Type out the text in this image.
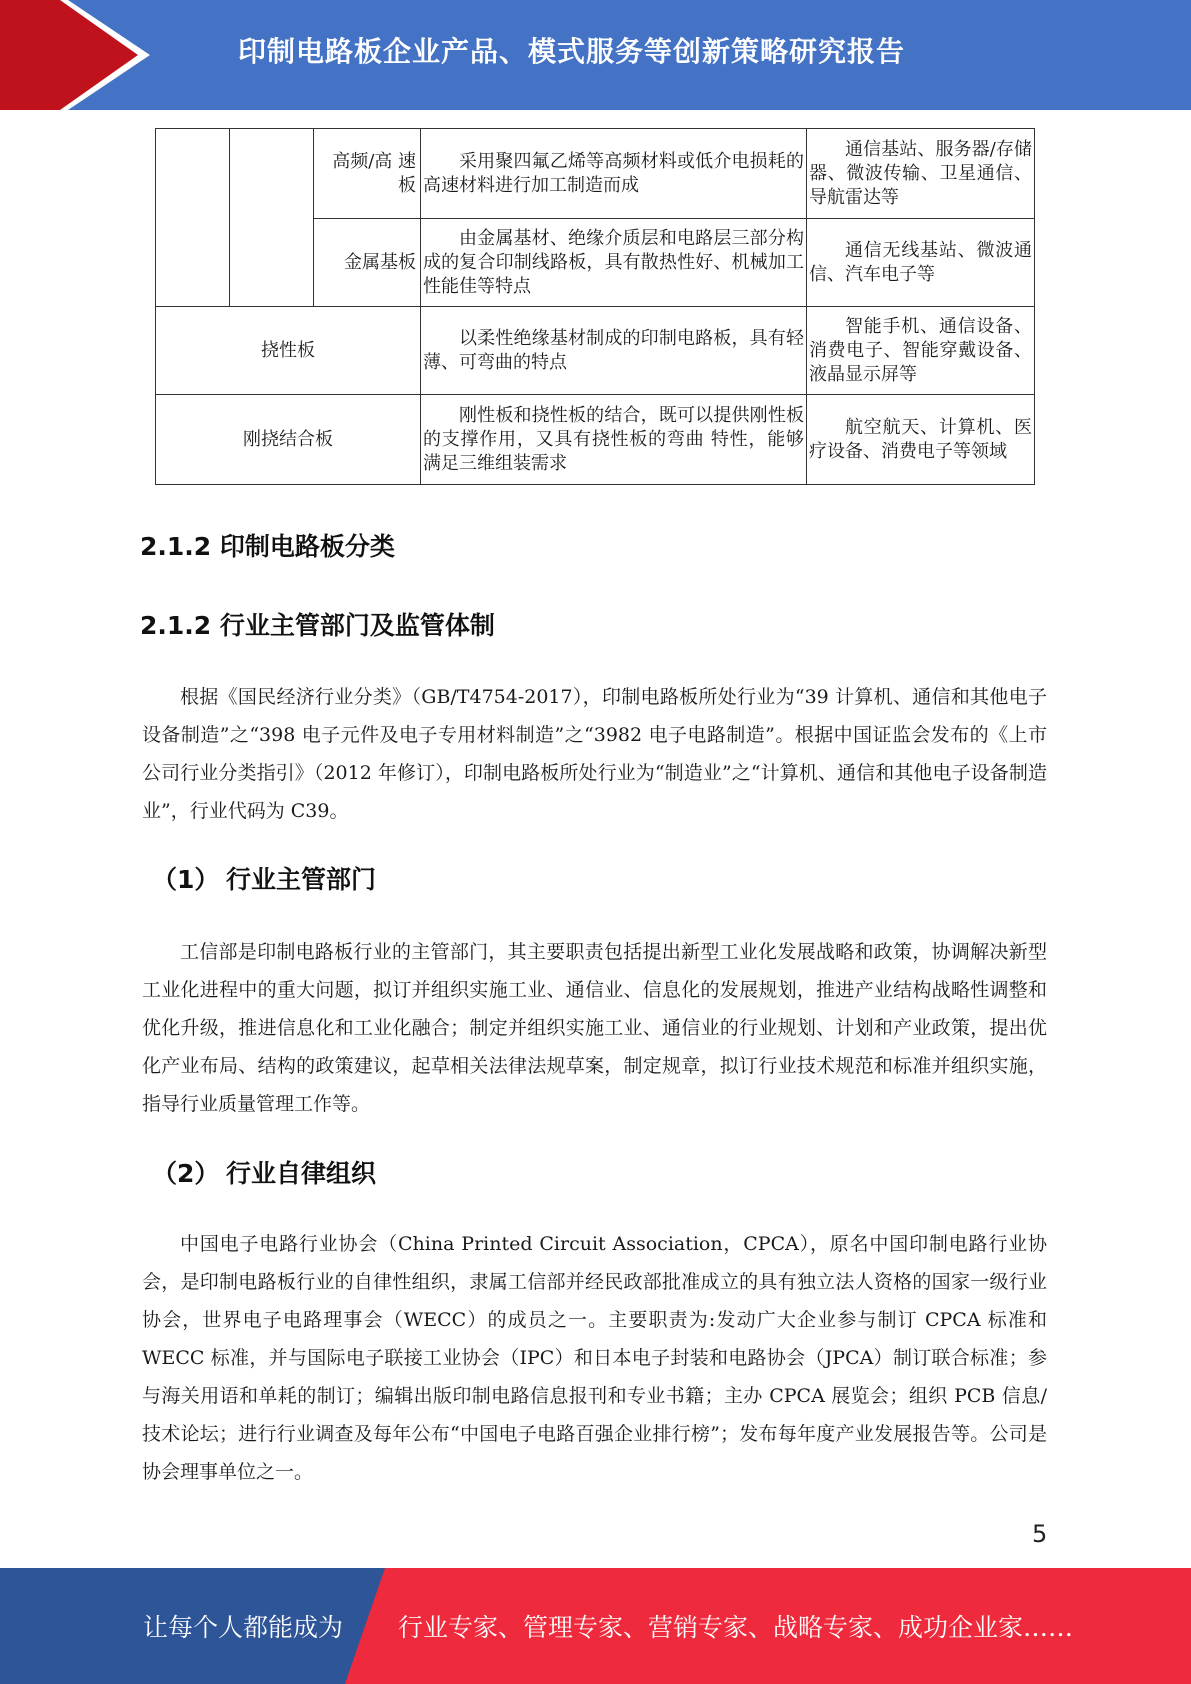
印制电路板企业产品、模式服务等创新策略研究报告
		高频/高 速板	采用聚四氟乙烯等高频材料或低介电损耗的高速材料进行加工制造而成	通信基站、服务器/存储 器、微波传输、卫星通信、导航雷达等
		金属基板	由金属基材、绝缘介质层和电路层三部分构成的复合印制线路板，具有散热性好、机械加工性能佳等特点	通信无线基站、微波通 信、汽车电子等
挠性板			以柔性绝缘基材制成的印制电路板，具有轻薄、可弯曲的特点	智能手机、通信设备、消费电子、智能穿戴设备、液晶显示屏等
刚挠结合板			刚性板和挠性板的结合，既可以提供刚性板的支撑作用，又具有挠性板的弯曲 特性，能够满足三维组装需求	航空航天、计算机、医 疗设备、消费电子等领域
2.1.2 印制电路板分类
2.1.2 行业主管部门及监管体制
根据《国民经济行业分类》（GB/T4754-2017），印制电路板所处行业为“39 计算机、通信和其他电子设备制造”之“398 电子元件及电子专用材料制造”之“3982 电子电路制造”。根据中国证监会发布的《上市公司行业分类指引》（2012 年修订），印制电路板所处行业为“制造业”之“计算机、通信和其他电子设备制造业”，行业代码为 C39。
（1） 行业主管部门
工信部是印制电路板行业的主管部门，其主要职责包括提出新型工业化发展战略和政策，协调解决新型工业化进程中的重大问题，拟订并组织实施工业、通信业、信息化的发展规划，推进产业结构战略性调整和优化升级，推进信息化和工业化融合；制定并组织实施工业、通信业的行业规划、计划和产业政策，提出优化产业布局、结构的政策建议，起草相关法律法规草案，制定规章，拟订行业技术规范和标准并组织实施，指导行业质量管理工作等。
（2） 行业自律组织
中国电子电路行业协会（China Printed Circuit Association，CPCA），原名中国印制电路行业协会，是印制电路板行业的自律性组织，隶属工信部并经民政部批准成立的具有独立法人资格的国家一级行业协会，世界电子电路理事会（WECC）的成员之一。主要职责为:发动广大企业参与制订 CPCA 标准和 WECC 标准，并与国际电子联接工业协会（IPC）和日本电子封装和电路协会（JPCA）制订联合标准；参与海关用语和单耗的制订；编辑出版印制电路信息报刊和专业书籍；主办 CPCA 展览会；组织 PCB 信息/技术论坛；进行行业调查及每年公布“中国电子电路百强企业排行榜”；发布每年度产业发展报告等。公司是协会理事单位之一。
5
让每个人都能成为 行业专家、管理专家、营销专家、战略专家、成功企业家……
